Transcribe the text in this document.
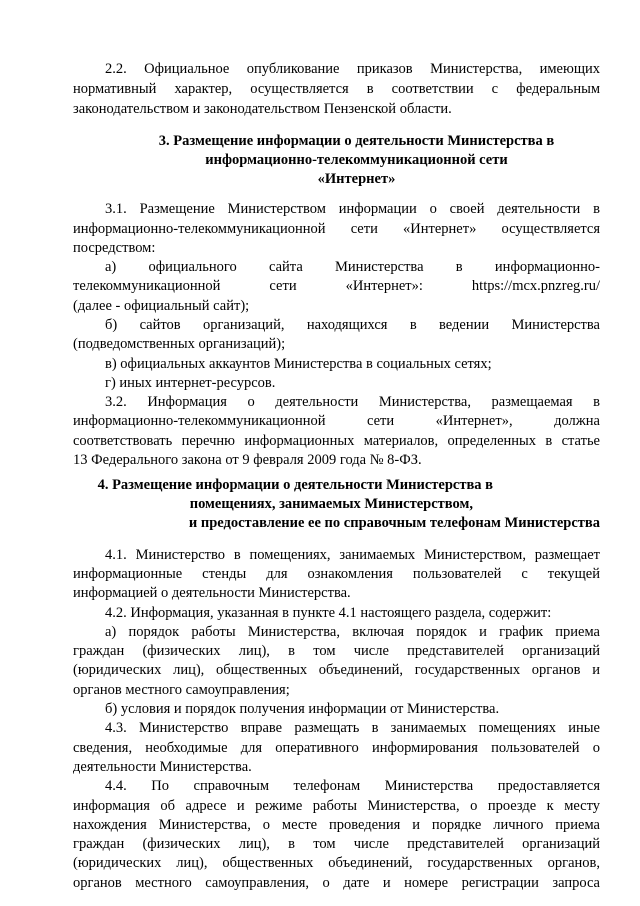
2.2. Официальное опубликование приказов Министерства, имеющих
нормативный характер, осуществляется в соответствии с федеральным
законодательством и законодательством Пензенской области.
3. Размещение информации о деятельности Министерства в
информационно-телекоммуникационной сети
«Интернет»
3.1. Размещение Министерством информации о своей деятельности в
информационно-телекоммуникационной сети «Интернет» осуществляется
посредством:
а) официального сайта Министерства в информационно-
телекоммуникационной сети «Интернет»: https://mcx.pnzreg.ru/
(далее - официальный сайт);
б) сайтов организаций, находящихся в ведении Министерства
(подведомственных организаций);
в) официальных аккаунтов Министерства в социальных сетях;
г) иных интернет-ресурсов.
3.2. Информация о деятельности Министерства, размещаемая в
информационно-телекоммуникационной сети «Интернет», должна
соответствовать перечню информационных материалов, определенных в статье
13 Федерального закона от 9 февраля 2009 года № 8-ФЗ.
4. Размещение информации о деятельности Министерства в
помещениях, занимаемых Министерством,
и предоставление ее по справочным телефонам Министерства
4.1. Министерство в помещениях, занимаемых Министерством, размещает
информационные стенды для ознакомления пользователей с текущей
информацией о деятельности Министерства.
4.2. Информация, указанная в пункте 4.1 настоящего раздела, содержит:
а) порядок работы Министерства, включая порядок и график приема
граждан (физических лиц), в том числе представителей организаций
(юридических лиц), общественных объединений, государственных органов и
органов местного самоуправления;
б) условия и порядок получения информации от Министерства.
4.3. Министерство вправе размещать в занимаемых помещениях иные
сведения, необходимые для оперативного информирования пользователей о
деятельности Министерства.
4.4. По справочным телефонам Министерства предоставляется
информация об адресе и режиме работы Министерства, о проезде к месту
нахождения Министерства, о месте проведения и порядке личного приема
граждан (физических лиц), в том числе представителей организаций
(юридических лиц), общественных объединений, государственных органов,
органов местного самоуправления, о дате и номере регистрации запроса
